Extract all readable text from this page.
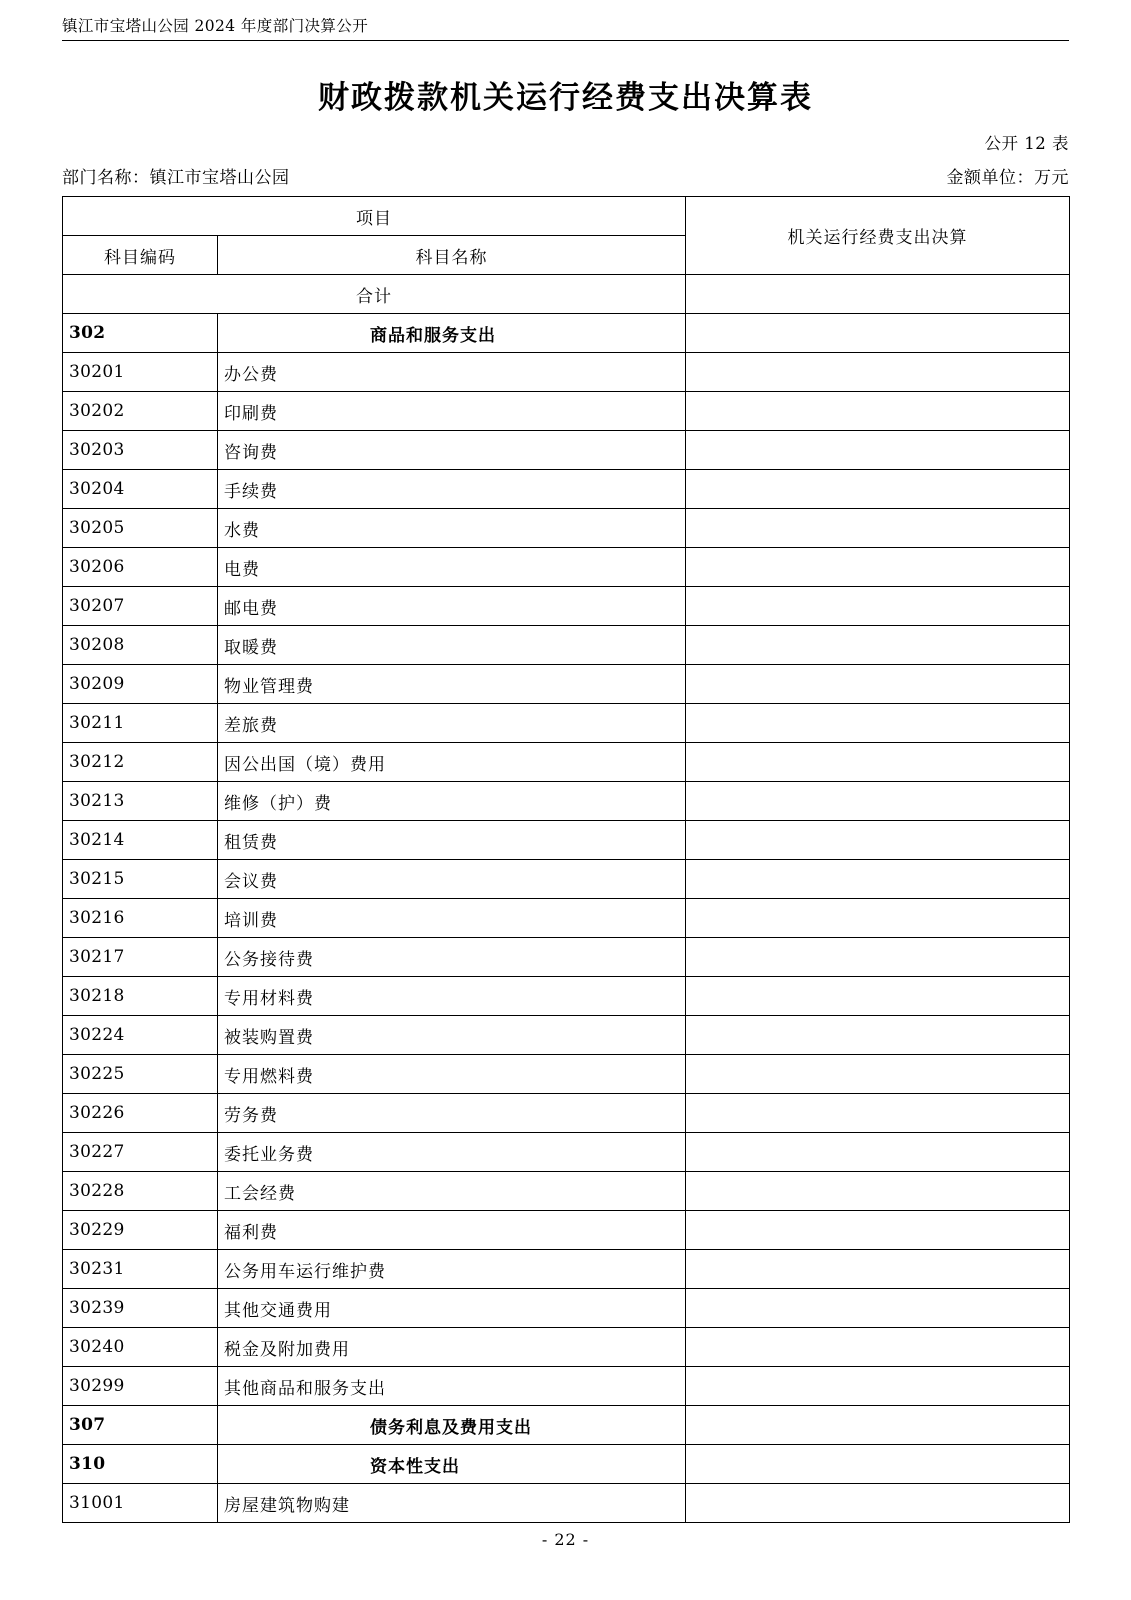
镇江市宝塔山公园 2024 年度部门决算公开
财政拨款机关运行经费支出决算表
公开 12 表
部门名称：镇江市宝塔山公园	金额单位：万元
项目		机关运行经费支出决算
科目编码	科目名称	
合计		
302	商品和服务支出	
30201	办公费	
30202	印刷费	
30203	咨询费	
30204	手续费	
30205	水费	
30206	电费	
30207	邮电费	
30208	取暖费	
30209	物业管理费	
30211	差旅费	
30212	因公出国（境）费用	
30213	维修（护）费	
30214	租赁费	
30215	会议费	
30216	培训费	
30217	公务接待费	
30218	专用材料费	
30224	被装购置费	
30225	专用燃料费	
30226	劳务费	
30227	委托业务费	
30228	工会经费	
30229	福利费	
30231	公务用车运行维护费	
30239	其他交通费用	
30240	税金及附加费用	
30299	其他商品和服务支出	
307	债务利息及费用支出	
310	资本性支出	
31001	房屋建筑物购建	
- 22 -
